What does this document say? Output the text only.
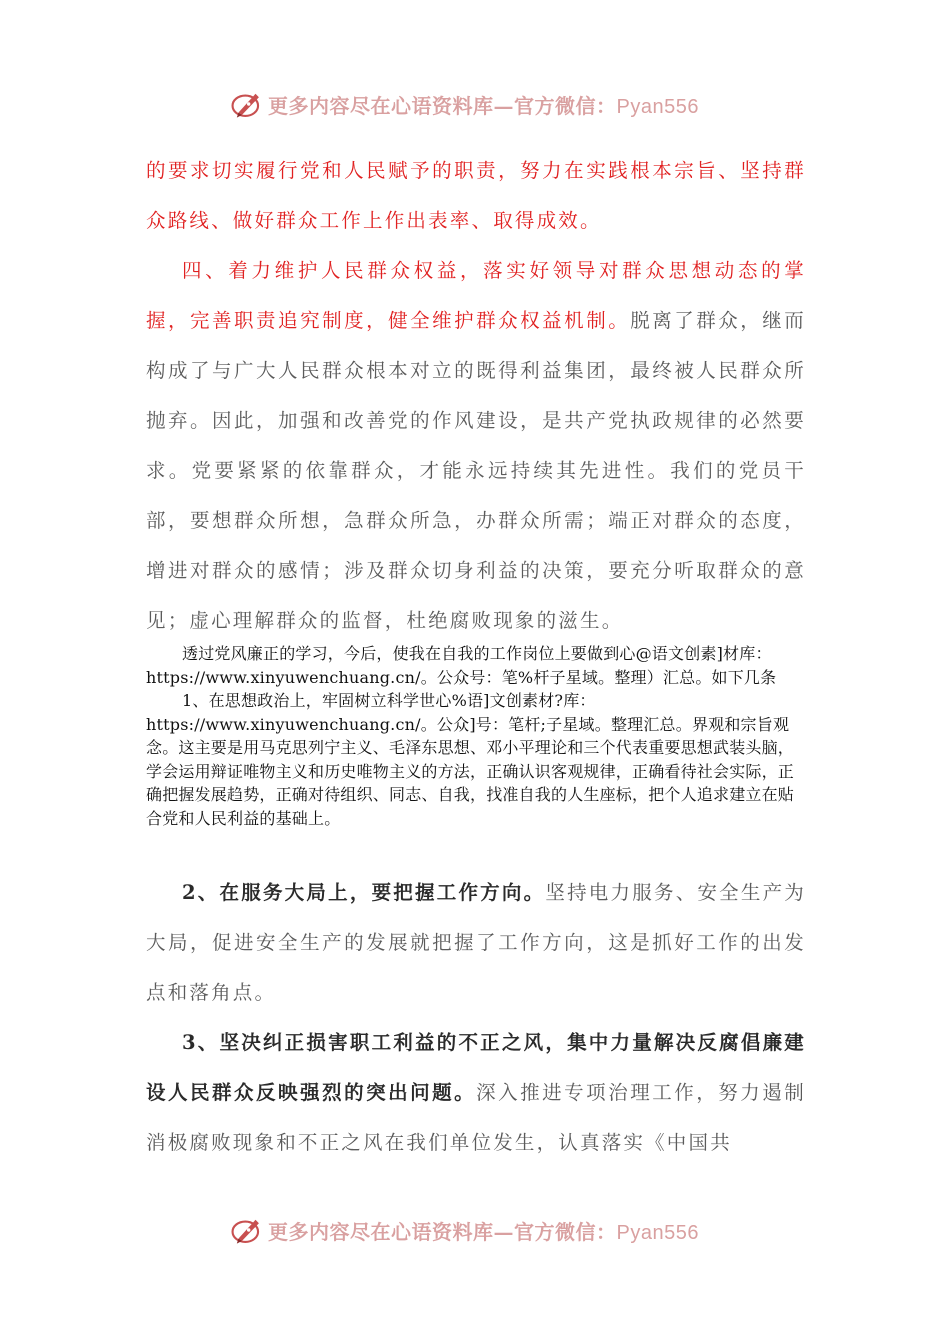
更多内容尽在心语资料库—官方微信：Pyan556

的要求切实履行党和人民赋予的职责，努力在实践根本宗旨、坚持群众路线、做好群众工作上作出表率、取得成效。

四、着力维护人民群众权益，落实好领导对群众思想动态的掌握，完善职责追究制度，健全维护群众权益机制。脱离了群众，继而构成了与广大人民群众根本对立的既得利益集团，最终被人民群众所抛弃。因此，加强和改善党的作风建设，是共产党执政规律的必然要求。党要紧紧的依靠群众，才能永远持续其先进性。我们的党员干部，要想群众所想，急群众所急，办群众所需；端正对群众的态度，增进对群众的感情；涉及群众切身利益的决策，要充分听取群众的意见；虚心理解群众的监督，杜绝腐败现象的滋生。

透过党风廉正的学习，今后，使我在自我的工作岗位上要做到心@语文创素]材库：https://www.xinyuwenchuang.cn/。公众号：笔%杆子星域。整理）汇总。如下几条

1、在思想政治上，牢固树立科学世心%语]文创素材?库：https://www.xinyuwenchuang.cn/。公众]号：笔杆;子星域。整理汇总。界观和宗旨观念。这主要是用马克思列宁主义、毛泽东思想、邓小平理论和三个代表重要思想武装头脑，学会运用辩证唯物主义和历史唯物主义的方法，正确认识客观规律，正确看待社会实际，正确把握发展趋势，正确对待组织、同志、自我，找准自我的人生座标，把个人追求建立在贴合党和人民利益的基础上。

2、在服务大局上，要把握工作方向。坚持电力服务、安全生产为大局，促进安全生产的发展就把握了工作方向，这是抓好工作的出发点和落角点。

3、坚决纠正损害职工利益的不正之风，集中力量解决反腐倡廉建设人民群众反映强烈的突出问题。深入推进专项治理工作，努力遏制消极腐败现象和不正之风在我们单位发生，认真落实《中国共

更多内容尽在心语资料库—官方微信：Pyan556
